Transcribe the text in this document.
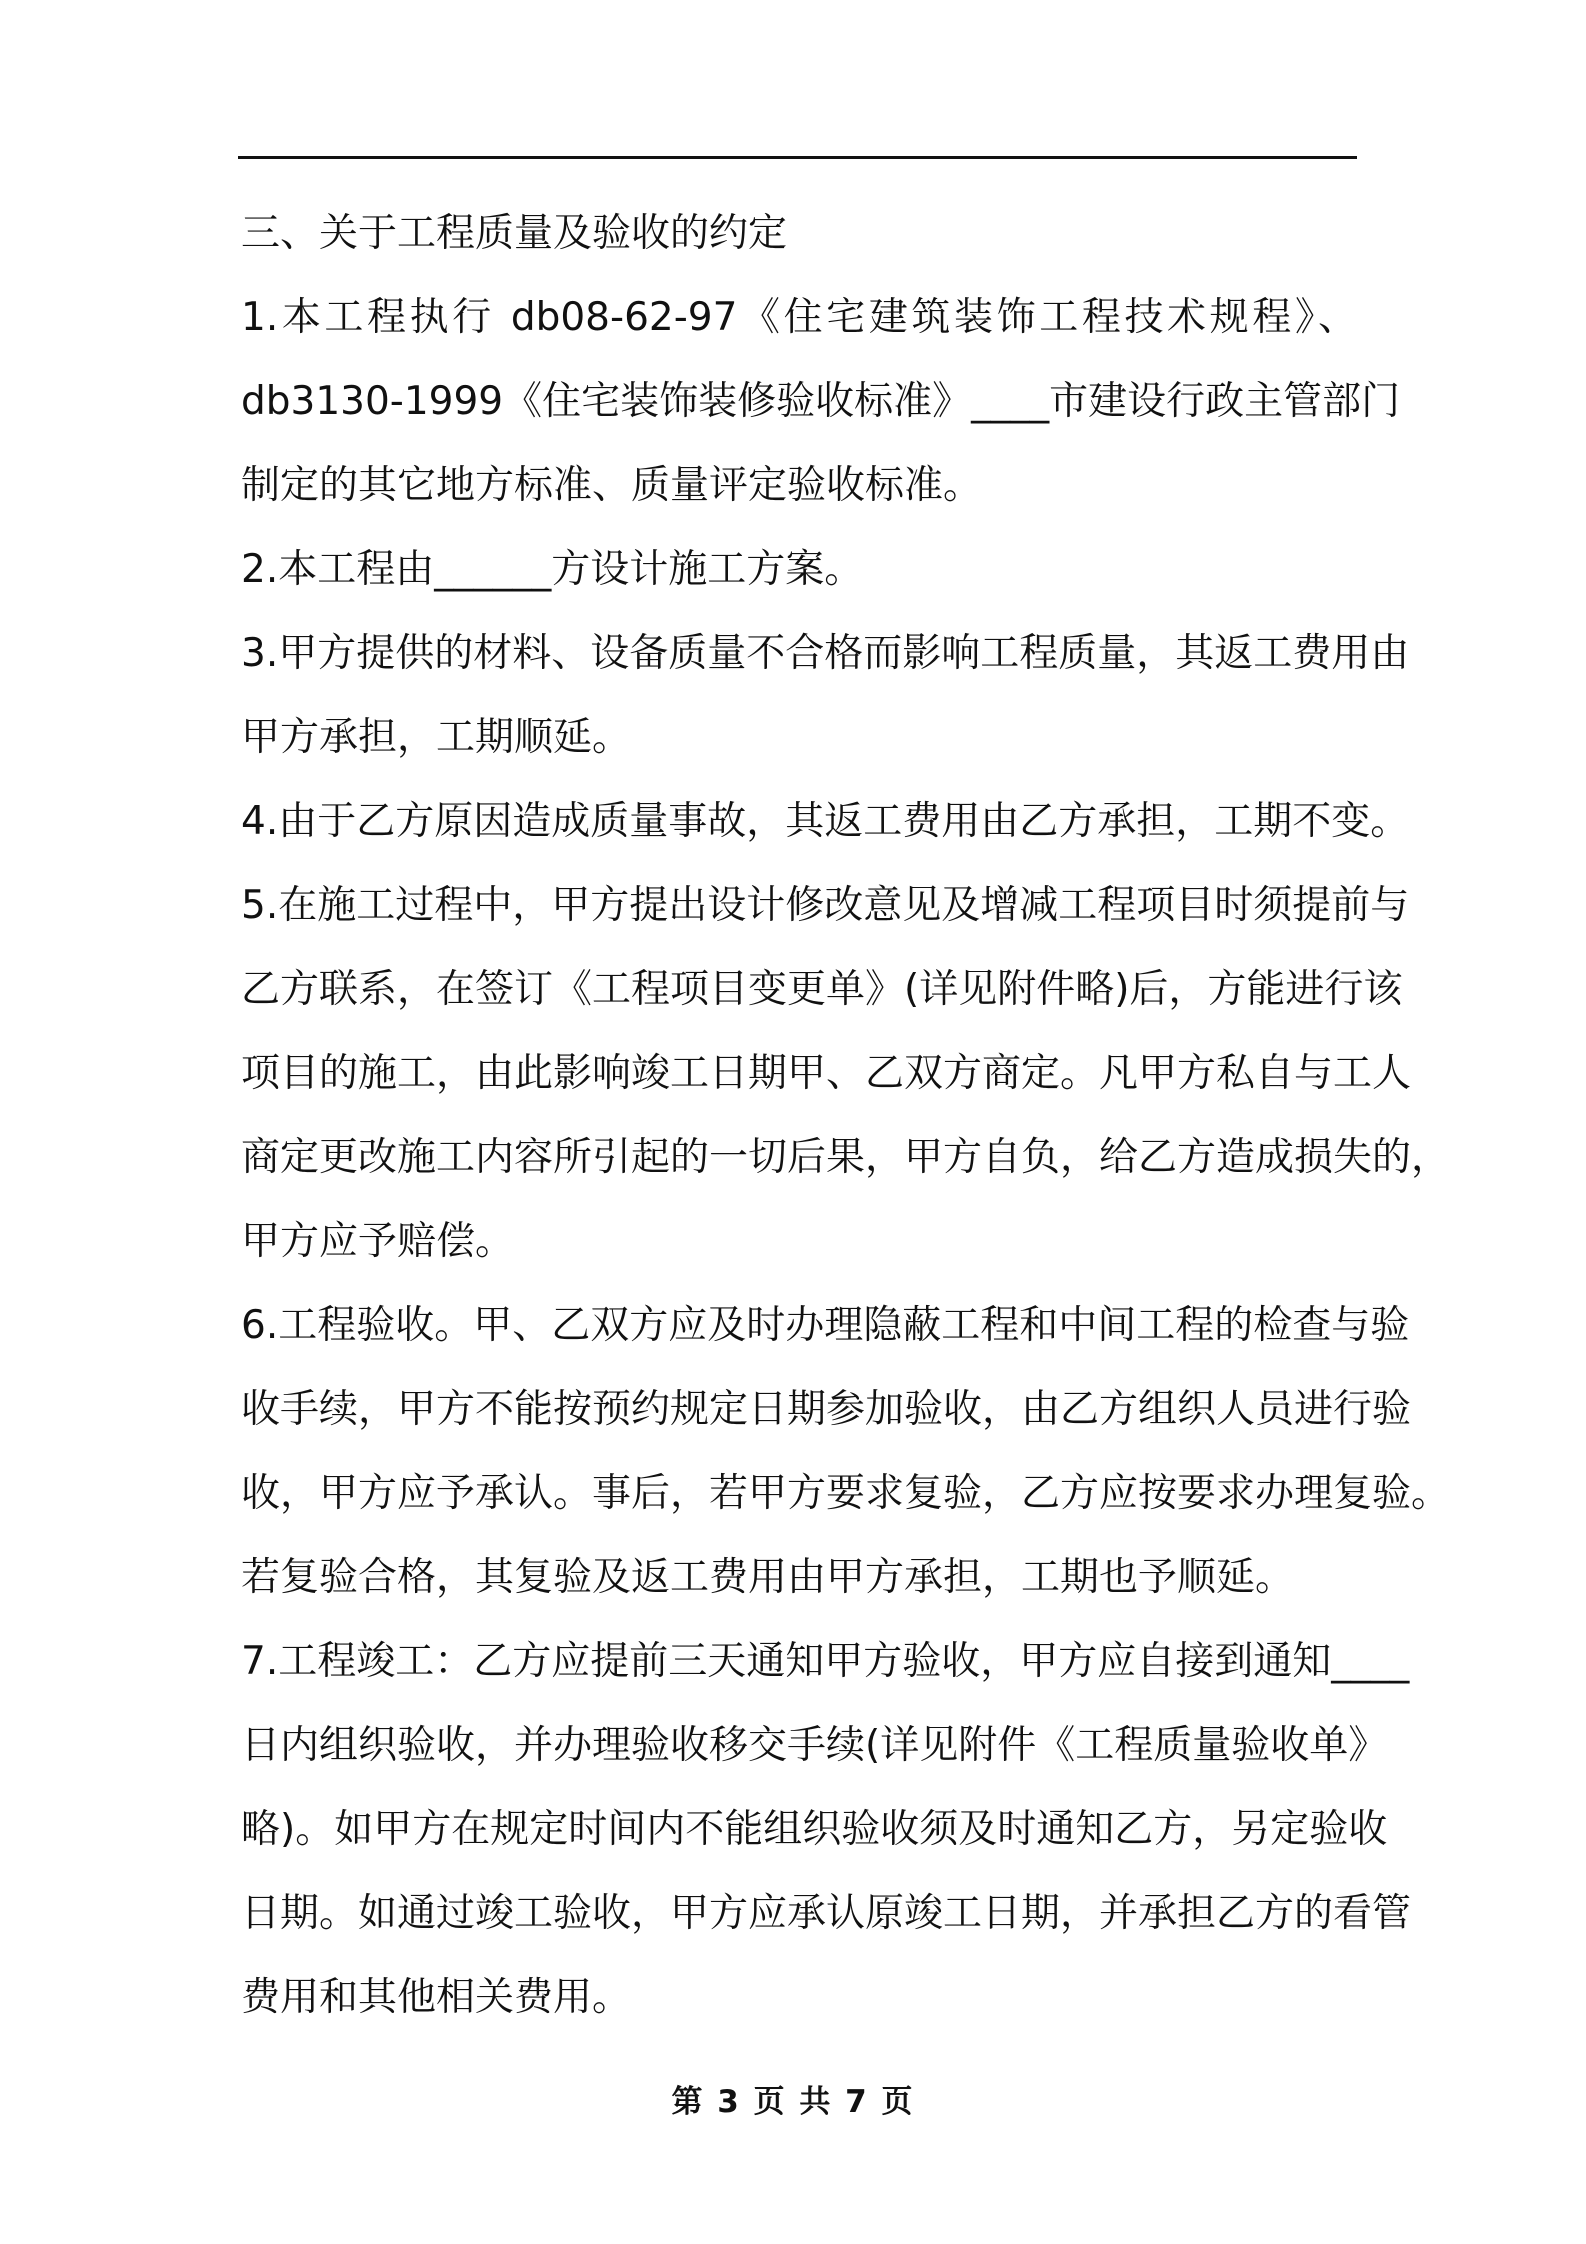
三、关于工程质量及验收的约定
1.本工程执行 db08-62-97《住宅建筑装饰工程技术规程》、
db3130-1999《住宅装饰装修验收标准》____市建设行政主管部门
制定的其它地方标准、质量评定验收标准。
2.本工程由______方设计施工方案。
3.甲方提供的材料、设备质量不合格而影响工程质量，其返工费用由
甲方承担，工期顺延。
4.由于乙方原因造成质量事故，其返工费用由乙方承担，工期不变。
5.在施工过程中，甲方提出设计修改意见及增减工程项目时须提前与
乙方联系，在签订《工程项目变更单》(详见附件略)后，方能进行该
项目的施工，由此影响竣工日期甲、乙双方商定。凡甲方私自与工人
商定更改施工内容所引起的一切后果，甲方自负，给乙方造成损失的，
甲方应予赔偿。
6.工程验收。甲、乙双方应及时办理隐蔽工程和中间工程的检查与验
收手续，甲方不能按预约规定日期参加验收，由乙方组织人员进行验
收，甲方应予承认。事后，若甲方要求复验，乙方应按要求办理复验。
若复验合格，其复验及返工费用由甲方承担，工期也予顺延。
7.工程竣工：乙方应提前三天通知甲方验收，甲方应自接到通知____
日内组织验收，并办理验收移交手续(详见附件《工程质量验收单》
略)。如甲方在规定时间内不能组织验收须及时通知乙方，另定验收
日期。如通过竣工验收，甲方应承认原竣工日期，并承担乙方的看管
费用和其他相关费用。
第 3 页 共 7 页
